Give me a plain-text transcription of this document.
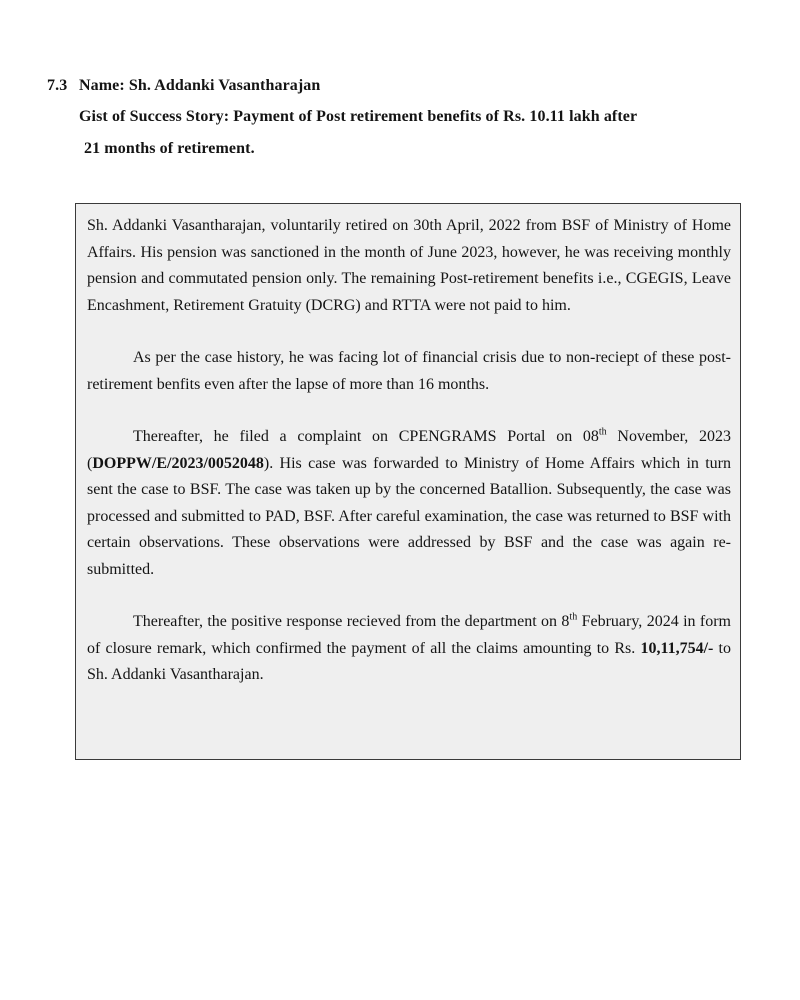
7.3 Name: Sh. Addanki Vasantharajan
Gist of Success Story: Payment of Post retirement benefits of Rs. 10.11 lakh after
21 months of retirement.

Sh. Addanki Vasantharajan, voluntarily retired on 30th April, 2022 from BSF of Ministry of Home Affairs. His pension was sanctioned in the month of June 2023, however, he was receiving monthly pension and commutated pension only. The remaining Post-retirement benefits i.e., CGEGIS, Leave Encashment, Retirement Gratuity (DCRG) and RTTA were not paid to him.

As per the case history, he was facing lot of financial crisis due to non-reciept of these post-retirement benfits even after the lapse of more than 16 months.

Thereafter, he filed a complaint on CPENGRAMS Portal on 08th November, 2023 (DOPPW/E/2023/0052048). His case was forwarded to Ministry of Home Affairs which in turn sent the case to BSF. The case was taken up by the concerned Batallion. Subsequently, the case was processed and submitted to PAD, BSF. After careful examination, the case was returned to BSF with certain observations. These observations were addressed by BSF and the case was again re-submitted.

Thereafter, the positive response recieved from the department on 8th February, 2024 in form of closure remark, which confirmed the payment of all the claims amounting to Rs. 10,11,754/- to Sh. Addanki Vasantharajan.
